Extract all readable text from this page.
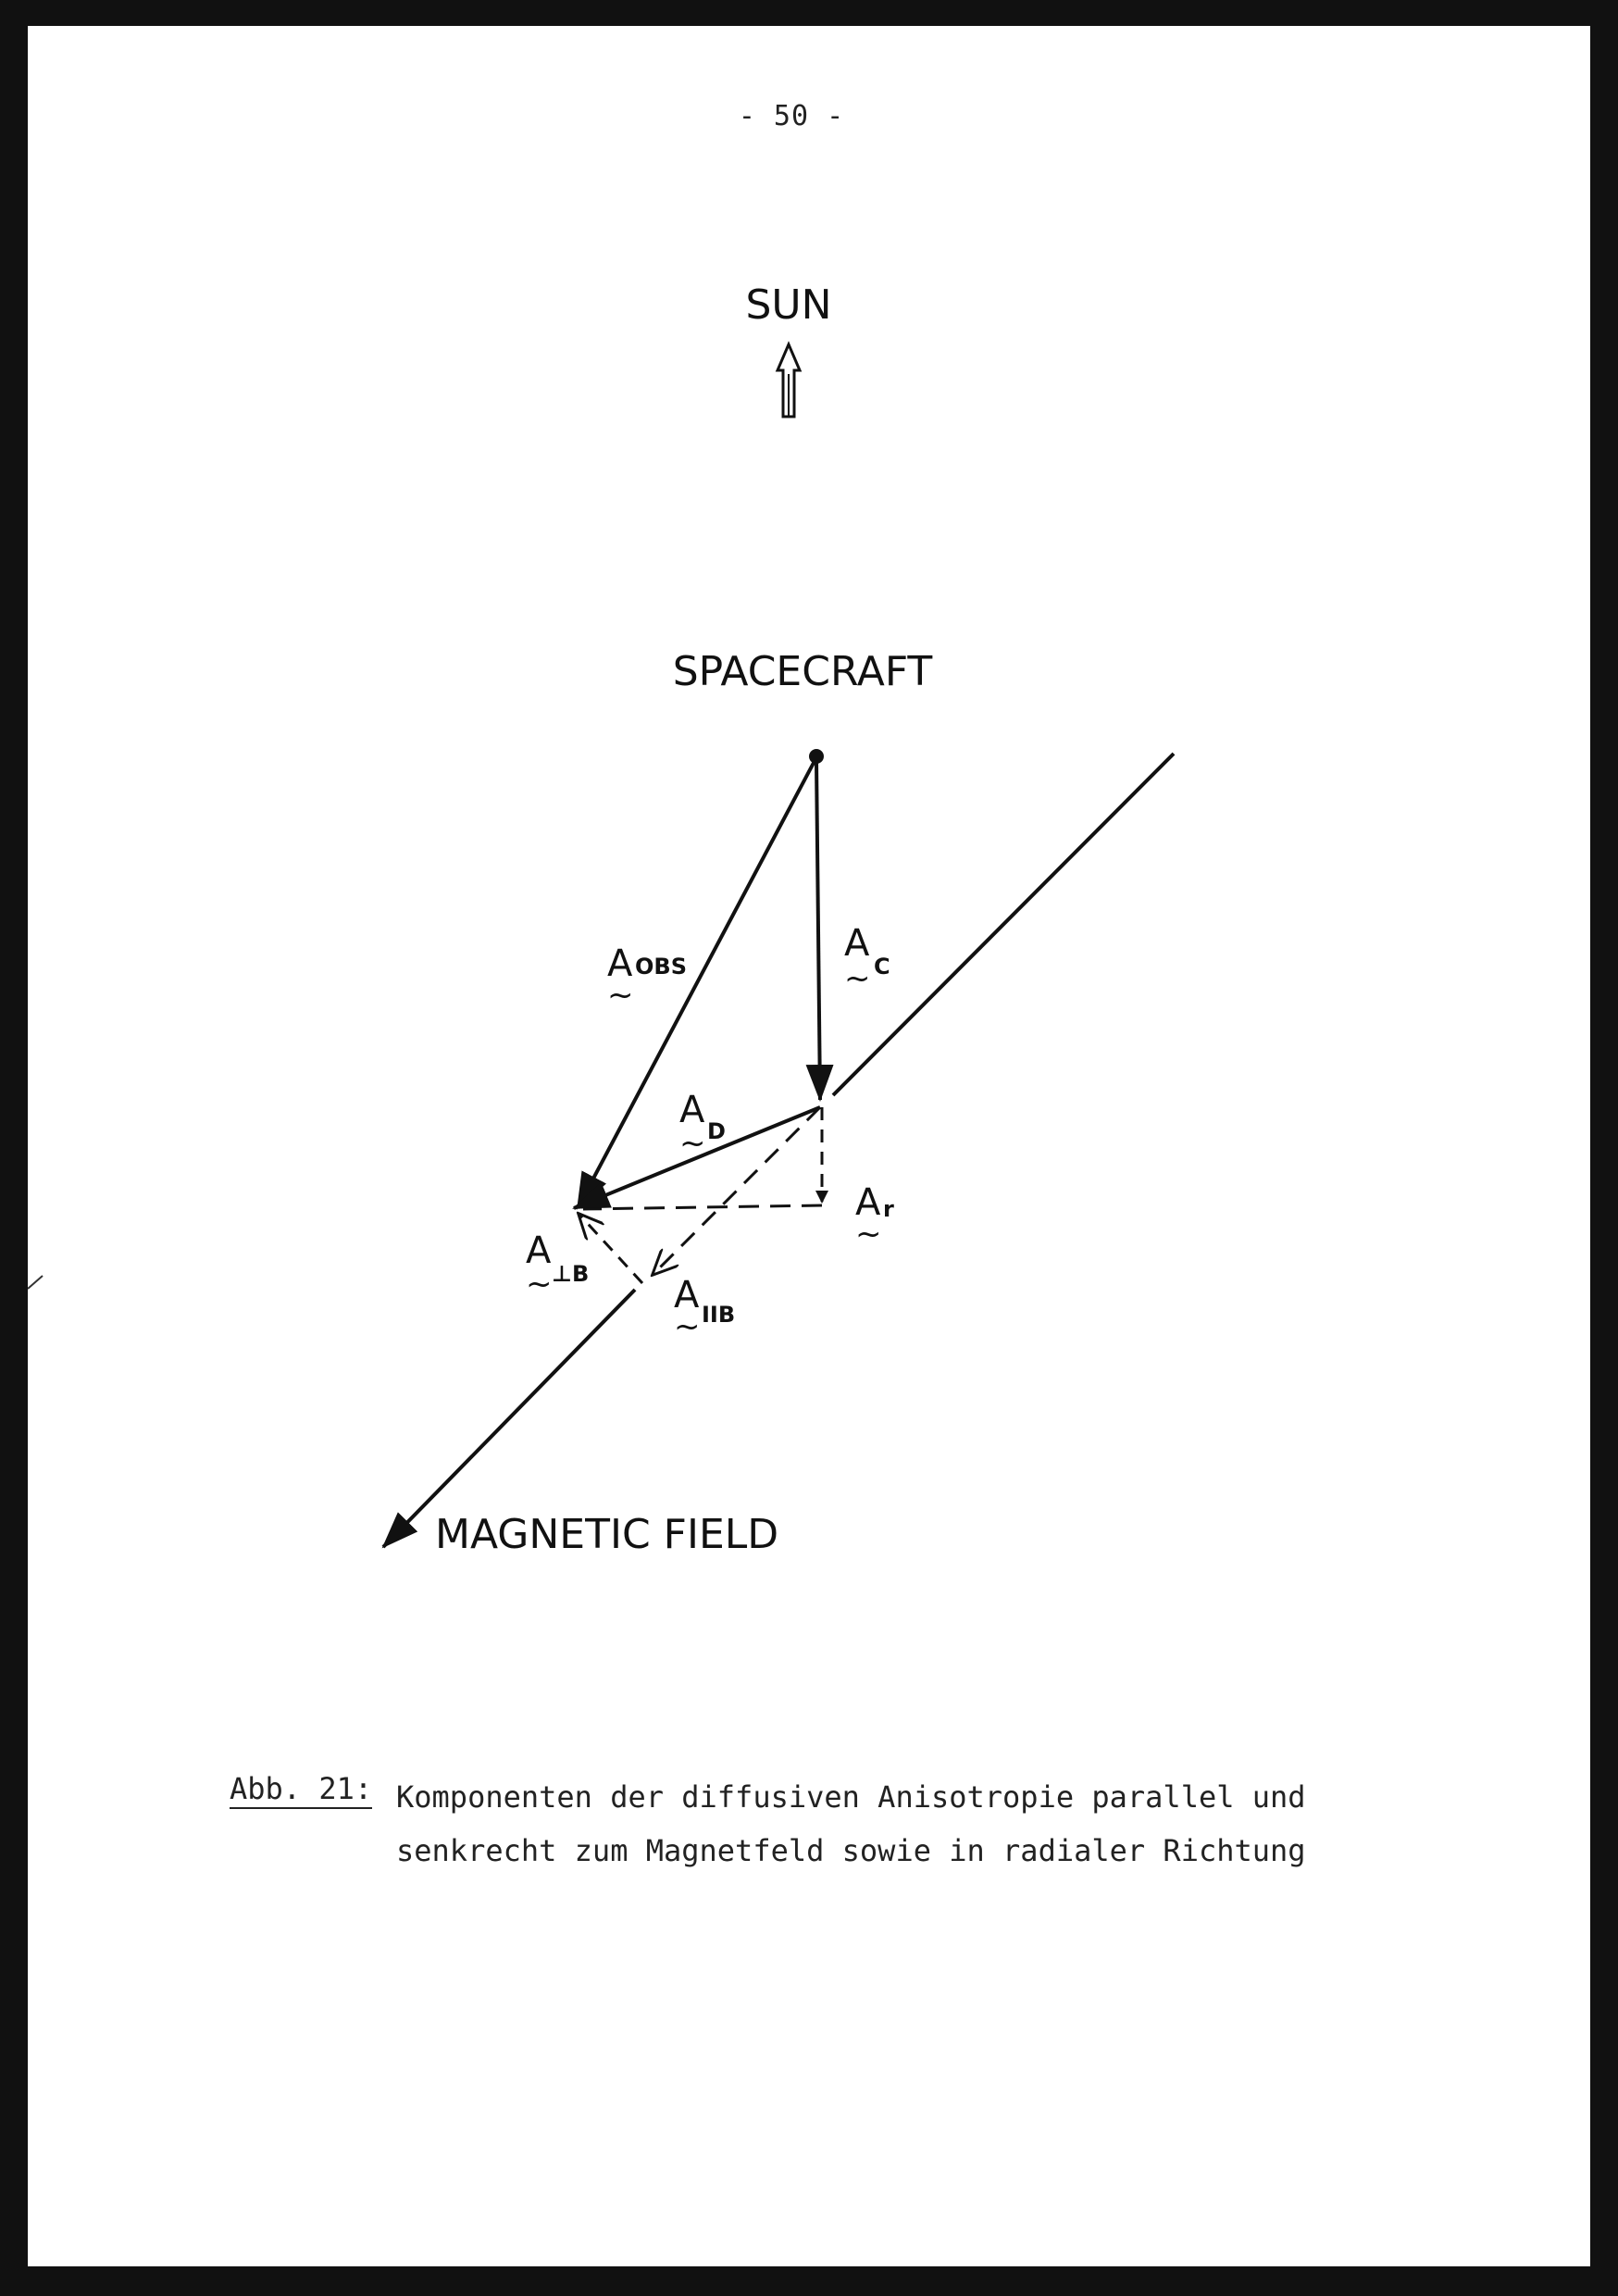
- 50 -
SUN
SPACECRAFT
A OBS
~
A
C
~
A D
~
A r
~
A
⊥B
~	A IIB
~
MAGNETIC FIELD
Abb. 21: Komponenten der diffusiven Anisotropie parallel und
senkrecht zum Magnetfeld sowie in radialer Richtung
